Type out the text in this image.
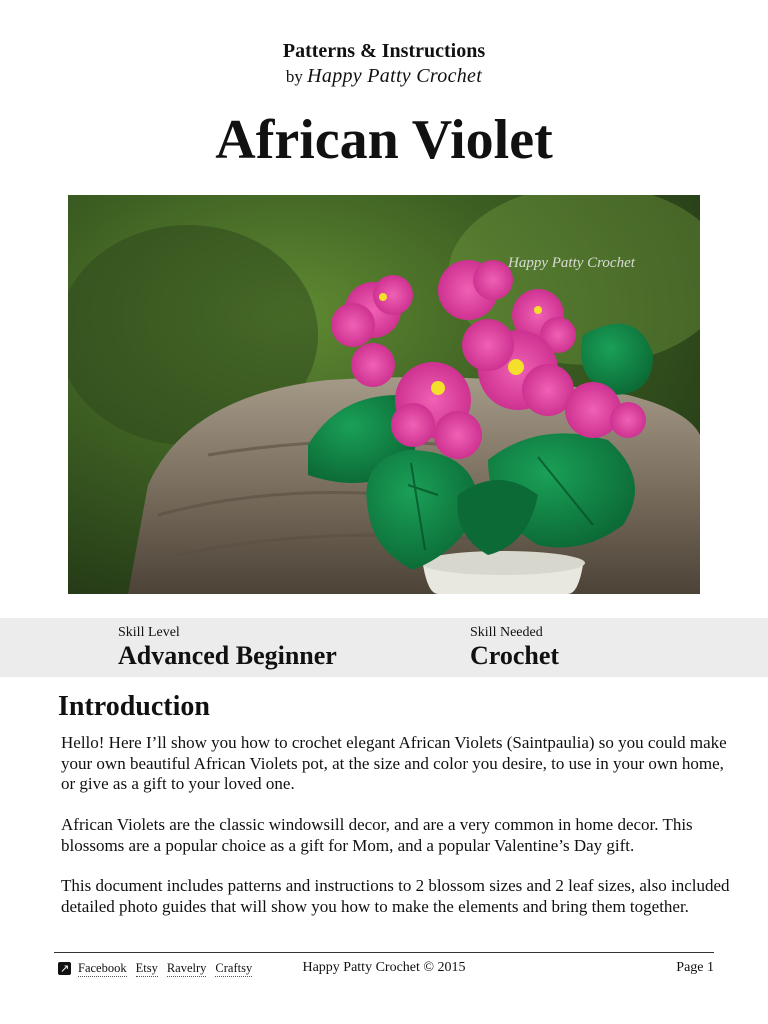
Patterns & Instructions
by Happy Patty Crochet
African Violet
Happy Patty Crochet
Skill Level
Advanced Beginner
Skill Needed
Crochet
Introduction
Hello! Here I’ll show you how to crochet elegant African Violets (Saintpaulia) so you could make your own beautiful African Violets pot, at the size and color you desire, to use in your own home, or give as a gift to your loved one.
African Violets are the classic windowsill decor, and are a very common in home decor. This blossoms are a popular choice as a gift for Mom, and a popular Valentine’s Day gift.
This document includes patterns and instructions to 2 blossom sizes and 2 leaf sizes, also included detailed photo guides that will show you how to make the elements and bring them together.
↗
Facebook Etsy Ravelry Craftsy	Happy Patty Crochet © 2015	Page 1
